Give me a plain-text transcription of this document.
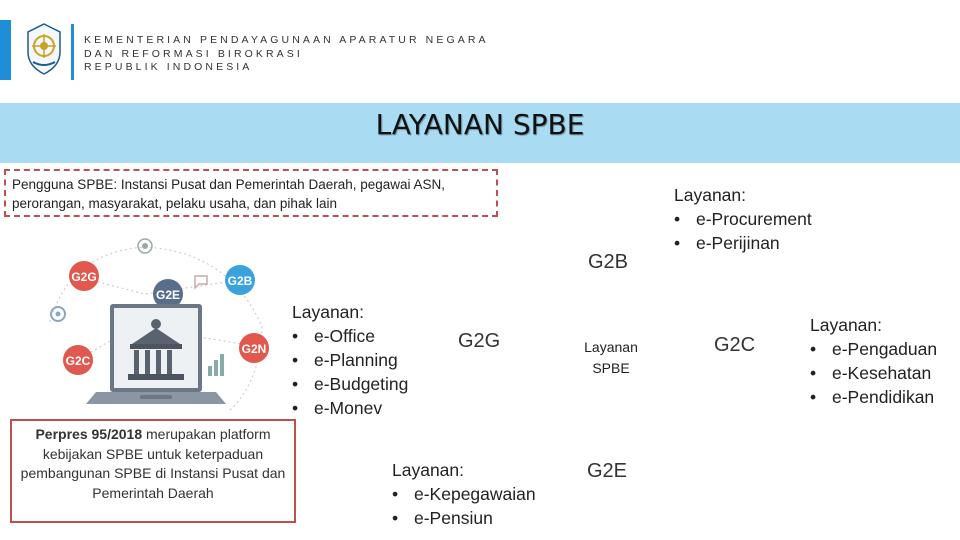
KEMENTERIAN PENDAYAGUNAAN APARATUR NEGARA
DAN REFORMASI BIROKRASI
REPUBLIK INDONESIA
LAYANAN SPBE
Pengguna SPBE: Instansi Pusat dan Pemerintah Daerah, pegawai ASN, perorangan, masyarakat, pelaku usaha, dan pihak lain
G2G	G2B
G2E
G2N
G2C
Perpres 95/2018 merupakan platform kebijakan SPBE untuk keterpaduan pembangunan SPBE di Instansi Pusat dan Pemerintah Daerah
Layanan
SPBE
G2B
G2G	G2C
G2E
Layanan:
• e-Procurement
• e-Perijinan
Layanan:
• e-Office
• e-Planning
• e-Budgeting
• e-Monev
Layanan:
• e-Pengaduan
• e-Kesehatan
• e-Pendidikan
Layanan:
• e-Kepegawaian
• e-Pensiun
